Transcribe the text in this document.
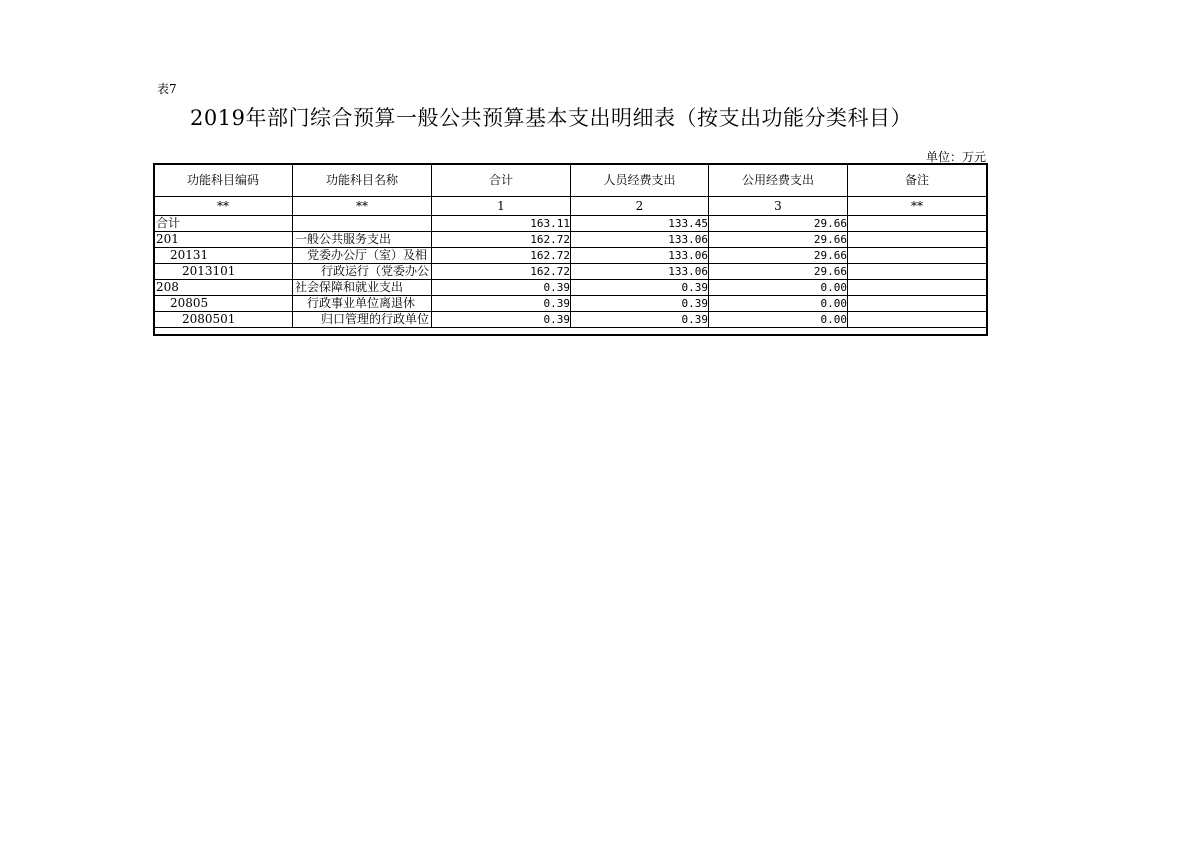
表7
2019年部门综合预算一般公共预算基本支出明细表（按支出功能分类科目）
单位：万元
功能科目编码	功能科目名称	合计	人员经费支出	公用经费支出	备注
**	**	1	2	3	**
合计		163.11	133.45	29.66	
201	一般公共服务支出	162.72	133.06	29.66	
20131	党委办公厅（室）及相	162.72	133.06	29.66	
2013101	行政运行（党委办公	162.72	133.06	29.66	
208	社会保障和就业支出	0.39	0.39	0.00	
20805	行政事业单位离退休	0.39	0.39	0.00	
2080501	归口管理的行政单位	0.39	0.39	0.00	
